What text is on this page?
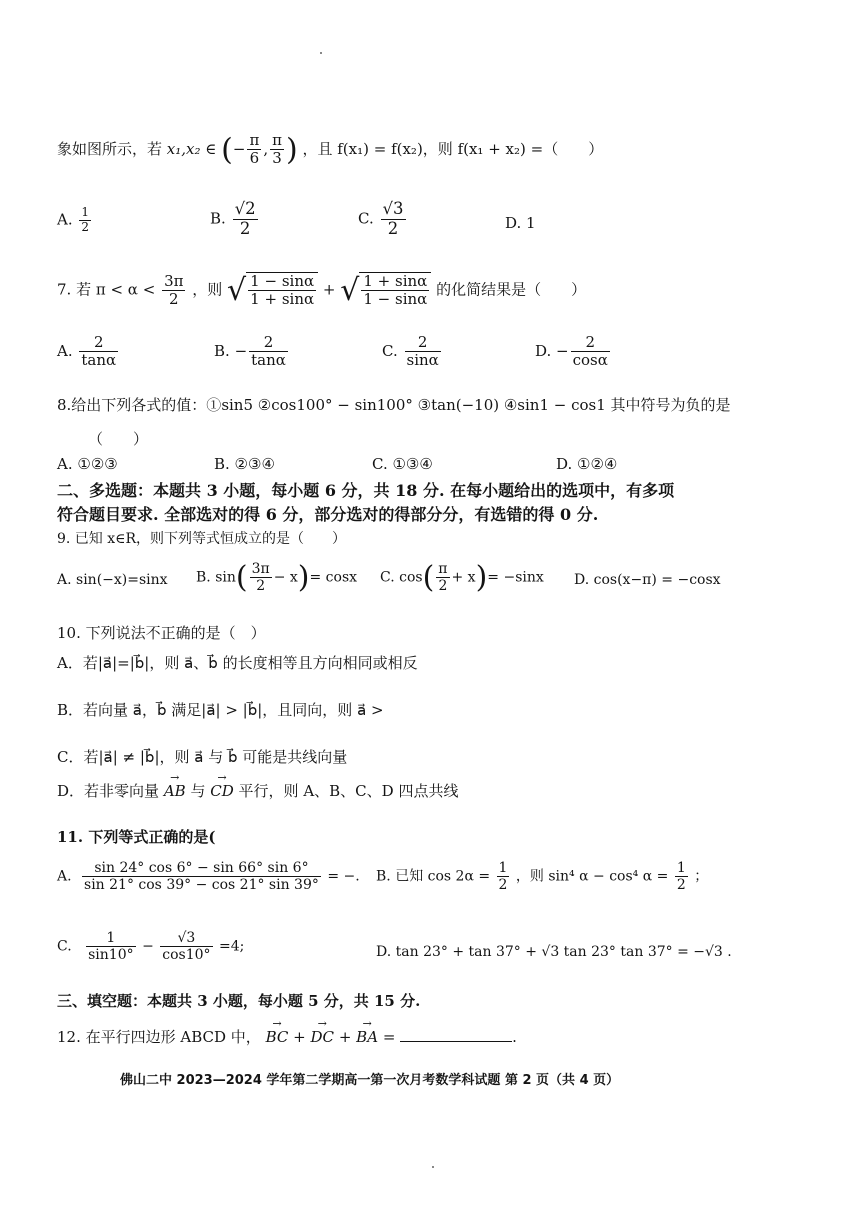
象如图所示，若 x₁,x₂ ∈ (− $\frac{\pi}{6}$ , $\frac{\pi}{3}$ ) ，且 f(x₁) = f(x₂)，则 f(x₁ + x₂) =（　　）
A. $\frac{1}{2}$	B. $\frac{√2}{2}$	C. $\frac{√3}{2}$	D. 1
7. 若 $\pi < \alpha < \frac{3\pi}{2}$ ，则 √ $\frac{1 - \sin\alpha}{1 + \sin\alpha}$ + √ $\frac{1 + \sin\alpha}{1 - \sin\alpha}$ 的化简结果是（　　）
A. $\frac{2}{\tan\alpha}$	B. − $\frac{2}{\tan\alpha}$	C. $\frac{2}{\sin\alpha}$	D. − $\frac{2}{\cos\alpha}$
8.给出下列各式的值：①sin5 ②cos100° − sin100° ③tan(−10) ④sin1 − cos1 其中符号为负的是
（　　）
A. ①②③	B. ②③④	C. ①③④	D. ①②④
二、多选题：本题共 3 小题，每小题 6 分，共 18 分. 在每小题给出的选项中，有多项
符合题目要求. 全部选对的得 6 分，部分选对的得部分分，有选错的得 0 分.
9. 已知 x∈R，则下列等式恒成立的是（　　）
A. sin(−x)=sinx B. $\sin( \frac{3\pi}{2} - x)= \cos x$ C. $\cos( \frac{\pi}{2} + x)= -\sin x$ D. cos(x−π) = −cosx
10. 下列说法不正确的是（　）
A．若|a⃗|=|b⃗|，则 a⃗、b⃗ 的长度相等且方向相同或相反
B．若向量 a⃗，b⃗ 满足|a⃗| > |b⃗|，且同向，则 a⃗ >
C．若|a⃗| ≠ |b⃗|，则 a⃗ 与 b⃗ 可能是共线向量
D．若非零向量 → AB 与 → CD 平行，则 A、B、C、D 四点共线
11. 下列等式正确的是(
A. $\frac{\sin 24^\circ \cos 6^\circ - \sin 66^\circ \sin 6^\circ}{\sin 21^\circ \cos 39^\circ - \cos 21^\circ \sin 39^\circ}$ = −. B. 已知 $\cos 2\alpha = \frac{1}{2}$ ，则 sin⁴ α − cos⁴ $\alpha = \frac{1}{2}$ ；
C. $\frac{1}{\sin 10^\circ} - \frac{√3}{\cos 10^\circ} =4$;	D. tan 23° + tan 37° + √3 tan 23° tan 37° = −√3 .
三、填空题：本题共 3 小题，每小题 5 分，共 15 分.
12. 在平行四边形 ABCD 中， → BC + → DC + → BA =	.
佛山二中 2023—2024 学年第二学期高一第一次月考数学科试题 第 2 页（共 4 页）
